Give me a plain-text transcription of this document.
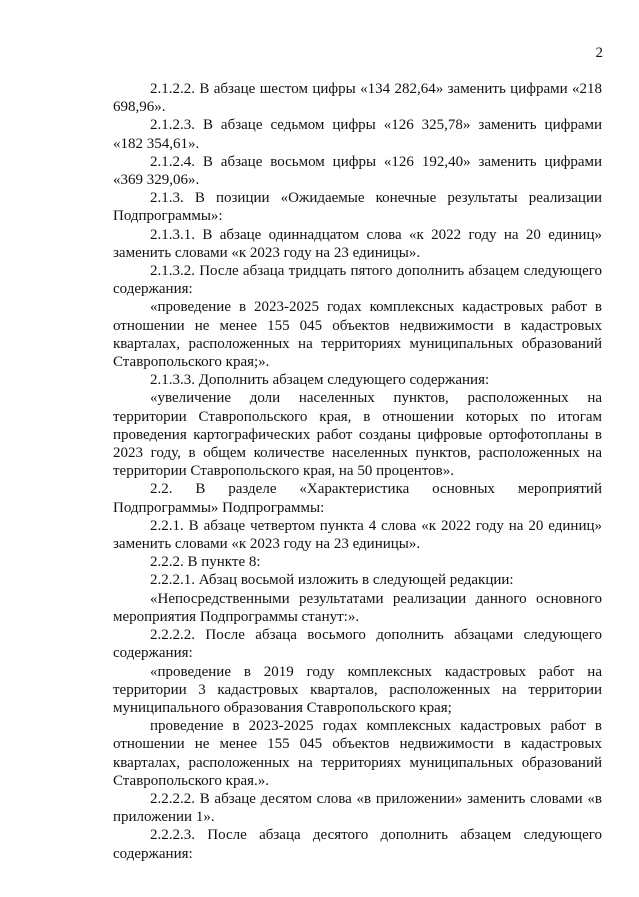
2

2.1.2.2. В абзаце шестом цифры «134 282,64» заменить цифрами «218 698,96».

2.1.2.3. В абзаце седьмом цифры «126 325,78» заменить цифрами «182 354,61».

2.1.2.4. В абзаце восьмом цифры «126 192,40» заменить цифрами «369 329,06».

2.1.3. В позиции «Ожидаемые конечные результаты реализации Подпрограммы»:

2.1.3.1. В абзаце одиннадцатом слова «к 2022 году на 20 единиц» заменить словами «к 2023 году на 23 единицы».

2.1.3.2. После абзаца тридцать пятого дополнить абзацем следующего содержания:

«проведение в 2023-2025 годах комплексных кадастровых работ в отношении не менее 155 045 объектов недвижимости в кадастровых кварталах, расположенных на территориях муниципальных образований Ставропольского края;».

2.1.3.3. Дополнить абзацем следующего содержания:

«увеличение доли населенных пунктов, расположенных на территории Ставропольского края, в отношении которых по итогам проведения картографических работ созданы цифровые ортофотопланы в 2023 году, в общем количестве населенных пунктов, расположенных на территории Ставропольского края, на 50 процентов».

2.2. В разделе «Характеристика основных мероприятий Подпрограммы» Подпрограммы:

2.2.1. В абзаце четвертом пункта 4 слова «к 2022 году на 20 единиц» заменить словами «к 2023 году на 23 единицы».

2.2.2. В пункте 8:

2.2.2.1. Абзац восьмой изложить в следующей редакции:

«Непосредственными результатами реализации данного основного мероприятия Подпрограммы станут:».

2.2.2.2. После абзаца восьмого дополнить абзацами следующего содержания:

«проведение в 2019 году комплексных кадастровых работ на территории 3 кадастровых кварталов, расположенных на территории муниципального образования Ставропольского края;

проведение в 2023-2025 годах комплексных кадастровых работ в отношении не менее 155 045 объектов недвижимости в кадастровых кварталах, расположенных на территориях муниципальных образований Ставропольского края.».

2.2.2.2. В абзаце десятом слова «в приложении» заменить словами «в приложении 1».

2.2.2.3. После абзаца десятого дополнить абзацем следующего содержания:
